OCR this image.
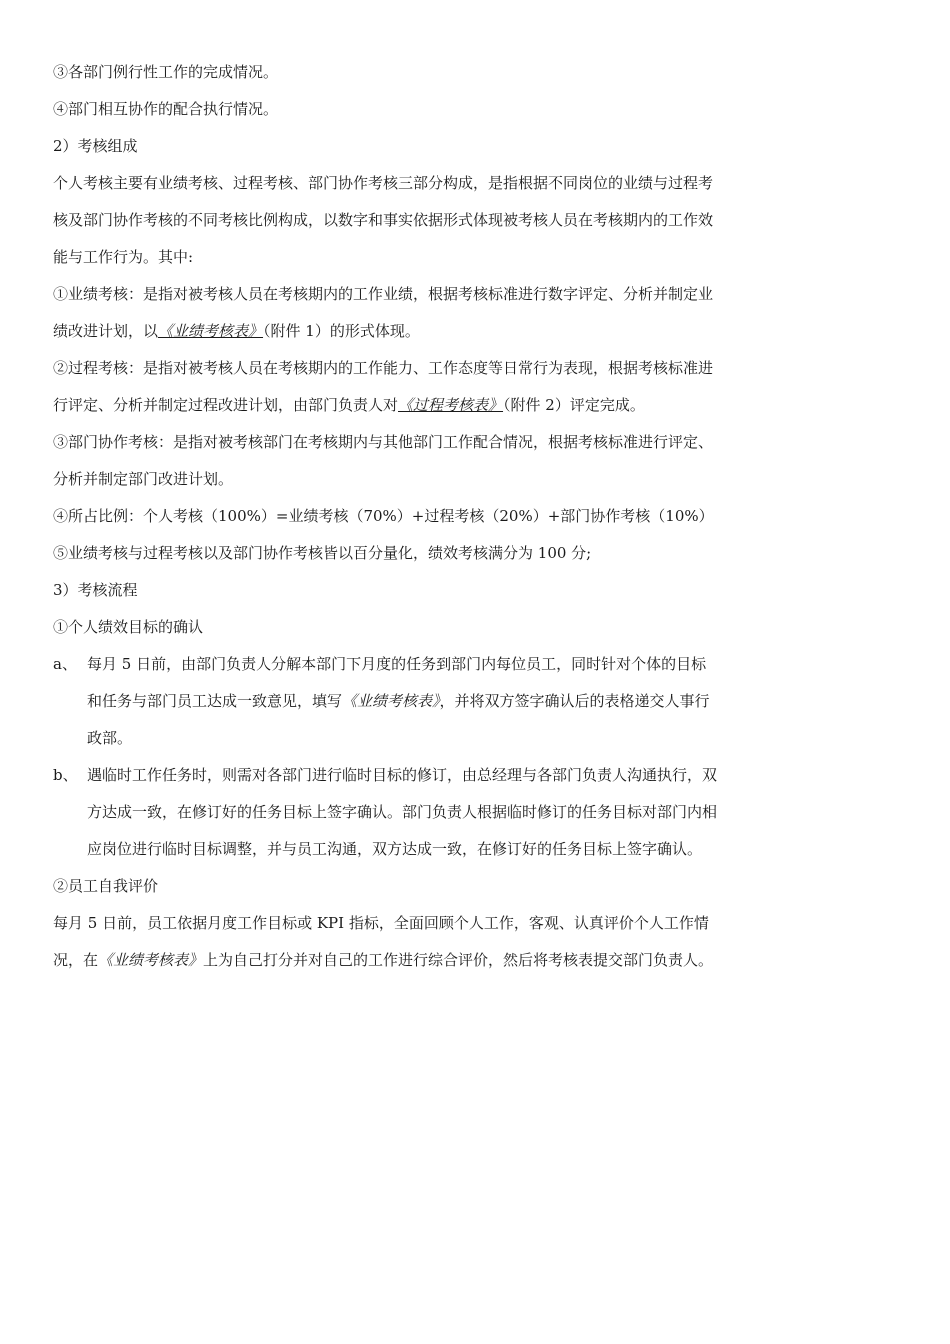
③各部门例行性工作的完成情况。
④部门相互协作的配合执行情况。
2）考核组成

个人考核主要有业绩考核、过程考核、部门协作考核三部分构成，是指根据不同岗位的业绩与过程考核及部门协作考核的不同考核比例构成，以数字和事实依据形式体现被考核人员在考核期内的工作效能与工作行为。其中:

①业绩考核：是指对被考核人员在考核期内的工作业绩，根据考核标准进行数字评定、分析并制定业绩改进计划，以《业绩考核表》（附件 1）的形式体现。

②过程考核：是指对被考核人员在考核期内的工作能力、工作态度等日常行为表现，根据考核标准进行评定、分析并制定过程改进计划，由部门负责人对《过程考核表》（附件 2）评定完成。

③部门协作考核：是指对被考核部门在考核期内与其他部门工作配合情况，根据考核标准进行评定、分析并制定部门改进计划。

④所占比例：个人考核（100%）=业绩考核（70%）+过程考核（20%）+部门协作考核（10%）
⑤业绩考核与过程考核以及部门协作考核皆以百分量化，绩效考核满分为 100 分;
3）考核流程
①个人绩效目标的确认
a、 每月 5 日前，由部门负责人分解本部门下月度的任务到部门内每位员工，同时针对个体的目标和任务与部门员工达成一致意见，填写《业绩考核表》，并将双方签字确认后的表格递交人事行政部。
b、 遇临时工作任务时，则需对各部门进行临时目标的修订，由总经理与各部门负责人沟通执行，双方达成一致，在修订好的任务目标上签字确认。部门负责人根据临时修订的任务目标对部门内相应岗位进行临时目标调整，并与员工沟通，双方达成一致，在修订好的任务目标上签字确认。
②员工自我评价

每月 5 日前，员工依据月度工作目标或 KPI 指标，全面回顾个人工作，客观、认真评价个人工作情况，在《业绩考核表》上为自己打分并对自己的工作进行综合评价，然后将考核表提交部门负责人。
